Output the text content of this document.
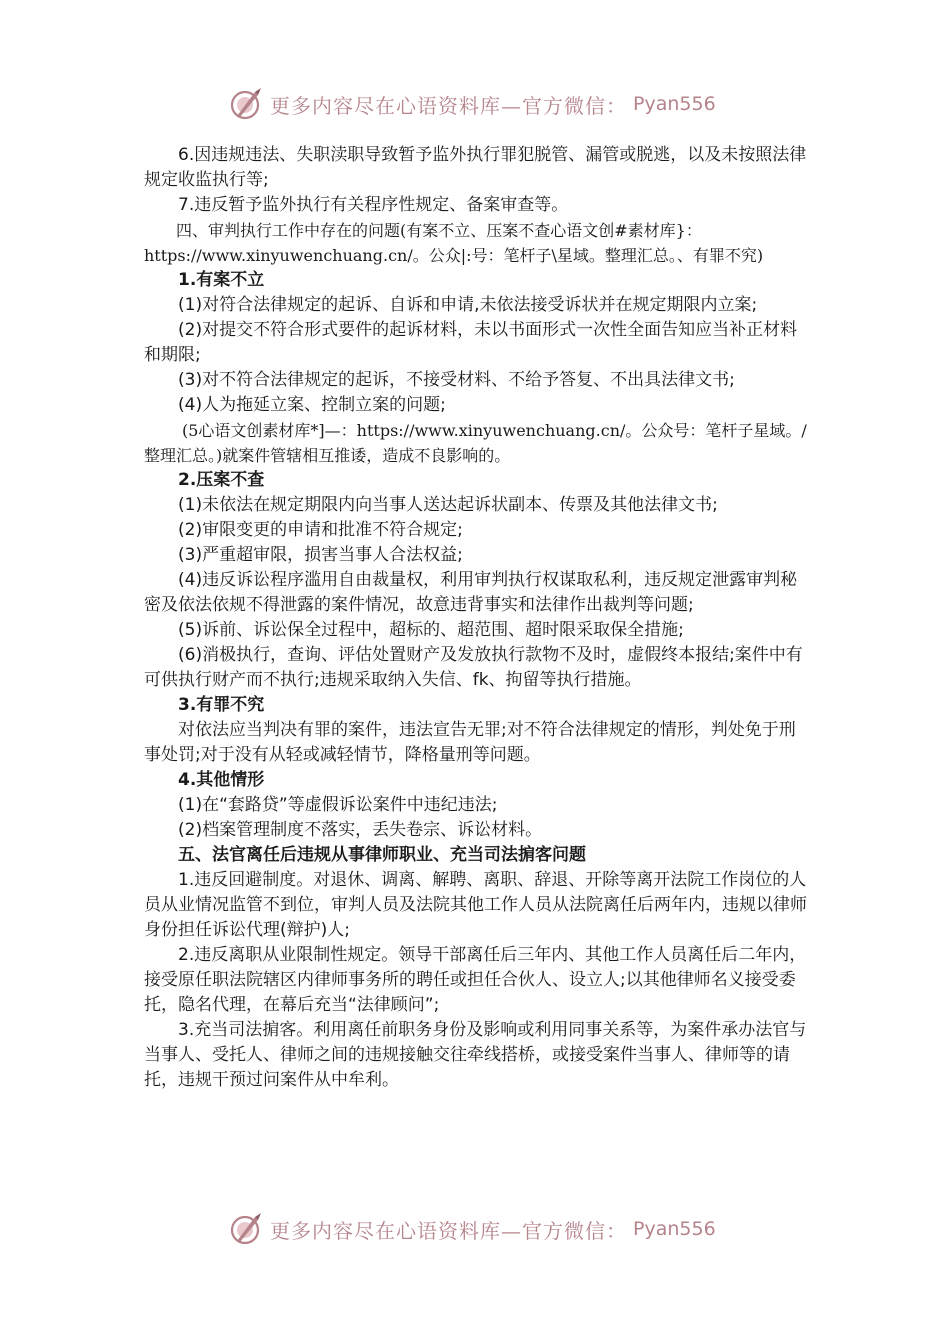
更多内容尽在心语资料库—官方微信： Pyan556

6.因违规违法、失职渎职导致暂予监外执行罪犯脱管、漏管或脱逃，以及未按照法律规定收监执行等;

7.违反暂予监外执行有关程序性规定、备案审查等。

四、审判执行工作中存在的问题(有案不立、压案不查心语文创#素材库}：https://www.xinyuwenchuang.cn/。公众|:号：笔杆子\星域。整理汇总。、有罪不究)

1.有案不立

(1)对符合法律规定的起诉、自诉和申请,未依法接受诉状并在规定期限内立案;

(2)对提交不符合形式要件的起诉材料，未以书面形式一次性全面告知应当补正材料和期限;

(3)对不符合法律规定的起诉，不接受材料、不给予答复、不出具法律文书;

(4)人为拖延立案、控制立案的问题;

(5心语文创素材库*]—：https://www.xinyuwenchuang.cn/。公众号：笔杆子星域。/整理汇总。)就案件管辖相互推诿，造成不良影响的。

2.压案不查

(1)未依法在规定期限内向当事人送达起诉状副本、传票及其他法律文书;

(2)审限变更的申请和批准不符合规定;

(3)严重超审限，损害当事人合法权益;

(4)违反诉讼程序滥用自由裁量权，利用审判执行权谋取私利，违反规定泄露审判秘密及依法依规不得泄露的案件情况，故意违背事实和法律作出裁判等问题;

(5)诉前、诉讼保全过程中，超标的、超范围、超时限采取保全措施;

(6)消极执行，查询、评估处置财产及发放执行款物不及时，虚假终本报结;案件中有可供执行财产而不执行;违规采取纳入失信、fk、拘留等执行措施。

3.有罪不究

对依法应当判决有罪的案件，违法宣告无罪;对不符合法律规定的情形，判处免于刑事处罚;对于没有从轻或减轻情节，降格量刑等问题。

4.其他情形

(1)在“套路贷”等虚假诉讼案件中违纪违法;

(2)档案管理制度不落实，丢失卷宗、诉讼材料。

五、法官离任后违规从事律师职业、充当司法掮客问题

1.违反回避制度。对退休、调离、解聘、离职、辞退、开除等离开法院工作岗位的人员从业情况监管不到位，审判人员及法院其他工作人员从法院离任后两年内，违规以律师身份担任诉讼代理(辩护)人;

2.违反离职从业限制性规定。领导干部离任后三年内、其他工作人员离任后二年内，接受原任职法院辖区内律师事务所的聘任或担任合伙人、设立人;以其他律师名义接受委托，隐名代理，在幕后充当“法律顾问”;

3.充当司法掮客。利用离任前职务身份及影响或利用同事关系等，为案件承办法官与当事人、受托人、律师之间的违规接触交往牵线搭桥，或接受案件当事人、律师等的请托，违规干预过问案件从中牟利。

更多内容尽在心语资料库—官方微信： Pyan556
